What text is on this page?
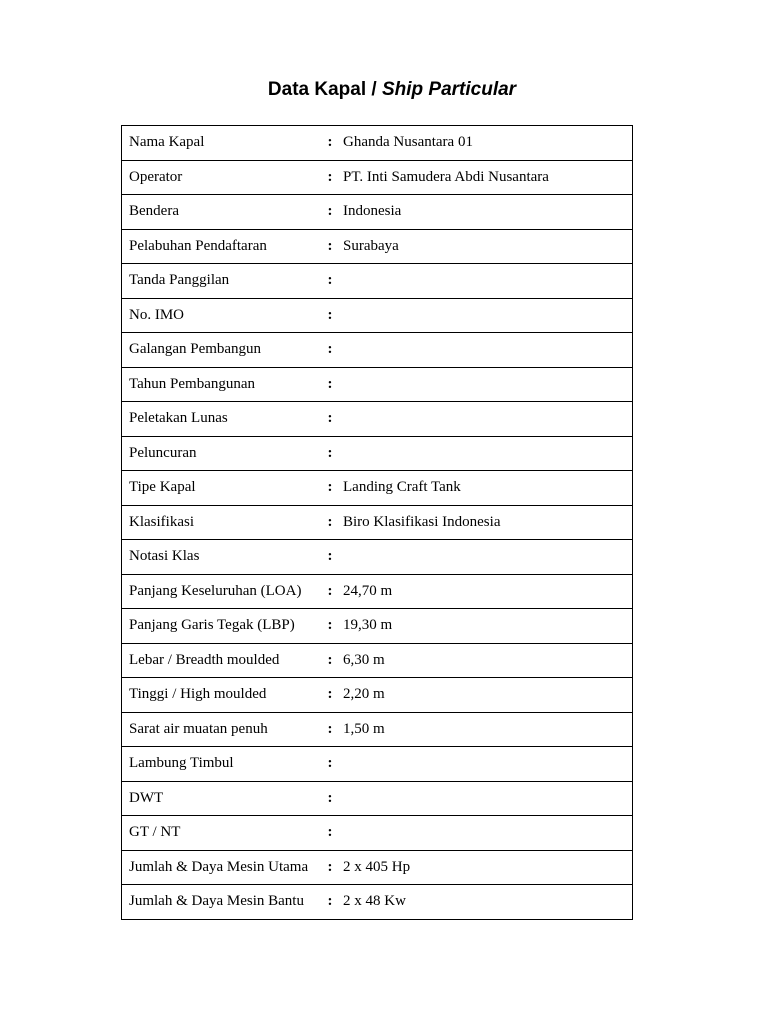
Data Kapal / Ship Particular
Nama Kapal	:	Ghanda Nusantara 01
Operator	:	PT. Inti Samudera Abdi Nusantara
Bendera	:	Indonesia
Pelabuhan Pendaftaran	:	Surabaya
Tanda Panggilan	:	
No. IMO	:	
Galangan Pembangun	:	
Tahun Pembangunan	:	
Peletakan Lunas	:	
Peluncuran	:	
Tipe Kapal	:	Landing Craft Tank
Klasifikasi	:	Biro Klasifikasi Indonesia
Notasi Klas	:	
Panjang Keseluruhan (LOA)	:	24,70 m
Panjang Garis Tegak (LBP)	:	19,30 m
Lebar / Breadth moulded	:	6,30 m
Tinggi / High moulded	:	2,20 m
Sarat air muatan penuh	:	1,50 m
Lambung Timbul	:	
DWT	:	
GT / NT	:	
Jumlah & Daya Mesin Utama	:	2 x 405 Hp
Jumlah & Daya Mesin Bantu	:	2 x 48 Kw
